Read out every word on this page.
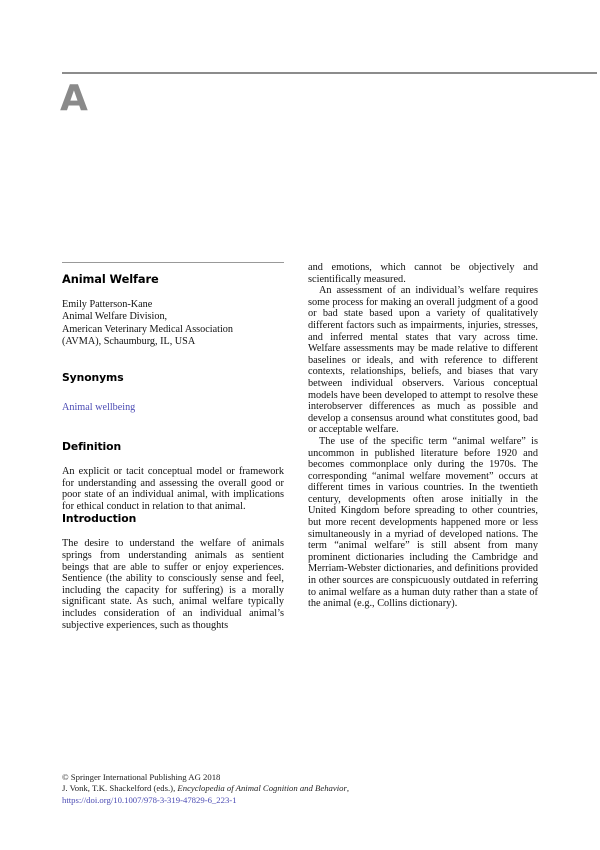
A
Animal Welfare
Emily Patterson-Kane
Animal Welfare Division,
American Veterinary Medical Association
(AVMA), Schaumburg, IL, USA
Synonyms
Animal wellbeing
Definition

An explicit or tacit conceptual model or framework for understanding and assessing the overall good or poor state of an individual animal, with implications for ethical conduct in relation to that animal.

Introduction

The desire to understand the welfare of animals springs from understanding animals as sentient beings that are able to suffer or enjoy experiences. Sentience (the ability to consciously sense and feel, including the capacity for suffering) is a morally significant state. As such, animal welfare typically includes consideration of an individual animal’s subjective experiences, such as thoughts

and emotions, which cannot be objectively and scientifically measured.

An assessment of an individual’s welfare requires some process for making an overall judgment of a good or bad state based upon a variety of qualitatively different factors such as impairments, injuries, stresses, and inferred mental states that vary across time. Welfare assessments may be made relative to different baselines or ideals, and with reference to different contexts, relationships, beliefs, and biases that vary between individual observers. Various conceptual models have been developed to attempt to resolve these interobserver differences as much as possible and develop a consensus around what constitutes good, bad or acceptable welfare.

The use of the specific term “animal welfare” is uncommon in published literature before 1920 and becomes commonplace only during the 1970s. The corresponding “animal welfare movement” occurs at different times in various countries. In the twentieth century, developments often arose initially in the United Kingdom before spreading to other countries, but more recent developments happened more or less simultaneously in a myriad of developed nations. The term “animal welfare” is still absent from many prominent dictionaries including the Cambridge and Merriam-Webster dictionaries, and definitions provided in other sources are conspicuously outdated in referring to animal welfare as a human duty rather than a state of the animal (e.g., Collins dictionary).

© Springer International Publishing AG 2018
J. Vonk, T.K. Shackelford (eds.), Encyclopedia of Animal Cognition and Behavior,
https://doi.org/10.1007/978-3-319-47829-6_223-1
